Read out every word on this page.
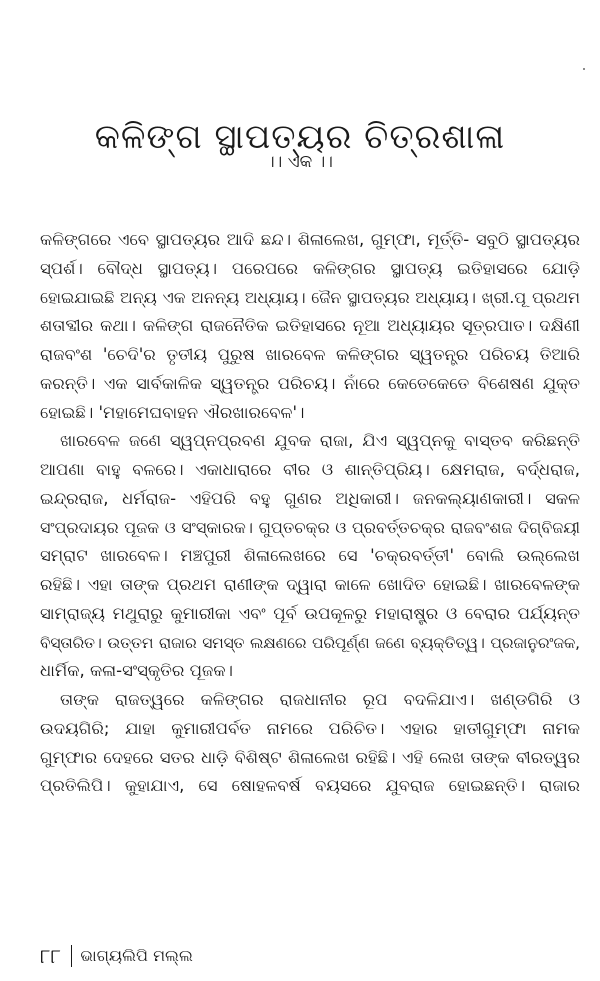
କଳିଙ୍ଗ ସ୍ଥାପତ୍ୟର ଚିତ୍ରଶାଳା
।। ଏକ ।।
କଳିଙ୍ଗରେ ଏବେ ସ୍ଥାପତ୍ୟର ଆଦି ଛନ୍ଦ। ଶିଳାଲେଖ, ଗୁମ୍ଫା, ମୂର୍ତ୍ତି- ସବୁଠି ସ୍ଥାପତ୍ୟର
ସ୍ପର୍ଶ। ବୌଦ୍ଧ ସ୍ଥାପତ୍ୟ। ପରେପରେ କଳିଙ୍ଗର ସ୍ଥାପତ୍ୟ ଇତିହାସରେ ଯୋଡ଼ି
ହୋଇଯାଇଛି ଅନ୍ୟ ଏକ ଅନନ୍ୟ ଅଧ୍ୟାୟ। ଜୈନ ସ୍ଥାପତ୍ୟର ଅଧ୍ୟାୟ। ଖ୍ରୀ.ପୂ ପ୍ରଥମ
ଶତାବ୍ଦୀର କଥା। କଳିଙ୍ଗ ରାଜନୈତିକ ଇତିହାସରେ ନୂଆ ଅଧ୍ୟାୟର ସୂତ୍ରପାତ। ଦକ୍ଷିଣୀ
ରାଜବଂଶ 'ଚେଦି'ର ତୃତୀୟ ପୁରୁଷ ଖାରବେଳ କଳିଙ୍ଗର ସ୍ୱତନ୍ତ୍ର ପରିଚୟ ତିଆରି
କରନ୍ତି। ଏକ ସାର୍ବକାଳିକ ସ୍ୱତନ୍ତ୍ର ପରିଚୟ। ନାଁରେ କେତେକେତେ ବିଶେଷଣ ଯୁକ୍ତ
ହୋଇଛି। 'ମହାମେଘବାହନ ଐରଖାରବେଳ'।
ଖାରବେଳ ଜଣେ ସ୍ୱପ୍ନପ୍ରବଣ ଯୁବକ ରାଜା, ଯିଏ ସ୍ୱପ୍ନକୁ ବାସ୍ତବ କରିଛନ୍ତି
ଆପଣା ବାହୁ ବଳରେ। ଏକାଧାରାରେ ବୀର ଓ ଶାନ୍ତିପ୍ରିୟ। କ୍ଷେମରାଜ, ବର୍ଦ୍ଧରାଜ,
ଇନ୍ଦ୍ରରାଜ, ଧର୍ମରାଜ- ଏହିପରି ବହୁ ଗୁଣର ଅଧିକାରୀ। ଜନକଲ୍ୟାଣକାରୀ। ସକଳ
ସଂପ୍ରଦାୟର ପୂଜକ ଓ ସଂସ୍କାରକ। ଗୁପ୍ତଚକ୍ର ଓ ପ୍ରବର୍ତ୍ତଚକ୍ର ରାଜବଂଶଜ ଦିଗ୍‌ବିଜୟୀ
ସମ୍ରାଟ ଖାରବେଳ। ମଞ୍ଚପୁରୀ ଶିଳାଲେଖରେ ସେ 'ଚକ୍ରବର୍ତ୍ତୀ' ବୋଲି ଉଲ୍ଲେଖ
ରହିଛି। ଏହା ତାଙ୍କ ପ୍ରଥମ ରାଣୀଙ୍କ ଦ୍ୱାରା କାଳେ ଖୋଦିତ ହୋଇଛି। ଖାରବେଳଙ୍କ
ସାମ୍ରାଜ୍ୟ ମଥୁରାରୁ କୁମାରୀକା ଏବଂ ପୂର୍ବ ଉପକୂଳରୁ ମହାରାଷ୍ଟ୍ର ଓ ବେରାର ପର୍ଯ୍ୟନ୍ତ
ବିସ୍ତାରିତ। ଉତ୍ତମ ରାଜାର ସମସ୍ତ ଲକ୍ଷଣରେ ପରିପୂର୍ଣ୍ଣ ଜଣେ ବ୍ୟକ୍ତିତ୍ୱ। ପ୍ରଜାନୁରଂଜକ,
ଧାର୍ମିକ, କଳା-ସଂସ୍କୃତିର ପୂଜକ।
ତାଙ୍କ ରାଜତ୍ୱରେ କଳିଙ୍ଗର ରାଜଧାନୀର ରୂପ ବଦଳିଯାଏ। ଖଣ୍ଡଗିରି ଓ
ଉଦୟଗିରି; ଯାହା କୁମାରୀପର୍ବତ ନାମରେ ପରିଚିତ। ଏହାର ହାତୀଗୁମ୍ଫା ନାମକ
ଗୁମ୍ଫାର ଦେହରେ ସତର ଧାଡ଼ି ବିଶିଷ୍ଟ ଶିଳାଲେଖ ରହିଛି। ଏହି ଲେଖ ତାଙ୍କ ବୀରତ୍ୱର
ପ୍ରତିଲିପି। କୁହାଯାଏ, ସେ ଷୋହଳବର୍ଷ ବୟସରେ ଯୁବରାଜ ହୋଇଛନ୍ତି। ରାଜାର
୮୮ ଭାଗ୍ୟଲିପି ମଲ୍ଲ
